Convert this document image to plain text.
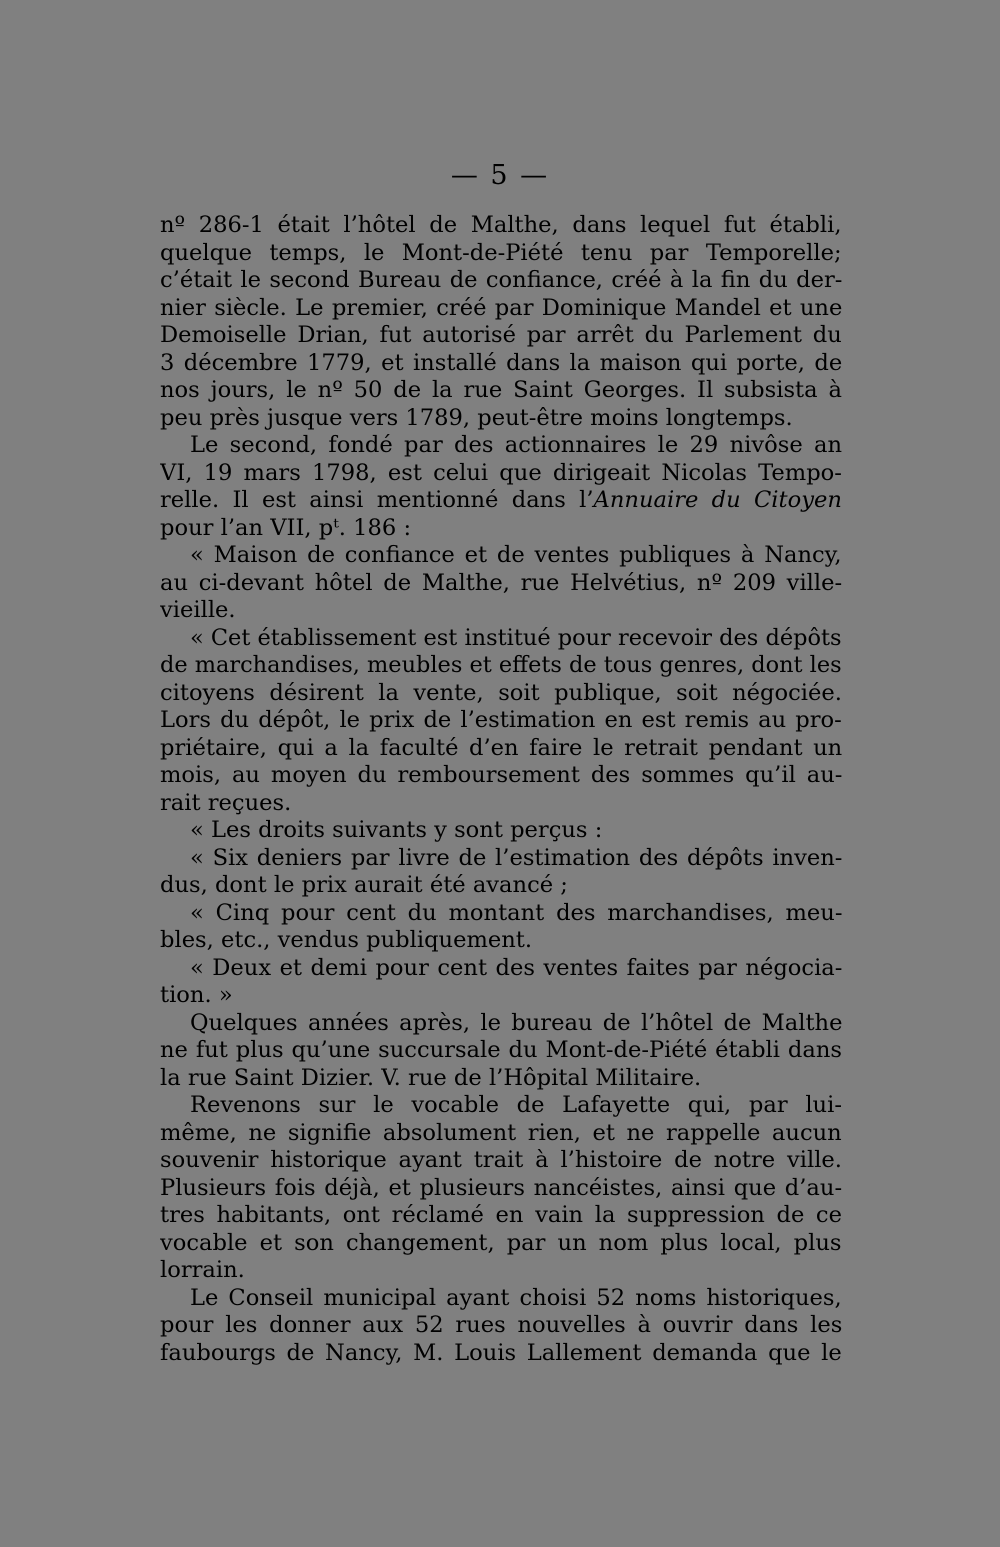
— 5 —
nº 286-1 était l’hôtel de Malthe, dans lequel fut établi,
quelque temps, le Mont-de-Piété tenu par Temporelle;
c’était le second Bureau de confiance, créé à la fin du der-
nier siècle. Le premier, créé par Dominique Mandel et une
Demoiselle Drian, fut autorisé par arrêt du Parlement du
3 décembre 1779, et installé dans la maison qui porte, de
nos jours, le nº 50 de la rue Saint Georges. Il subsista à
peu près jusque vers 1789, peut-être moins longtemps.
Le second, fondé par des actionnaires le 29 nivôse an
VI, 19 mars 1798, est celui que dirigeait Nicolas Tempo-
relle. Il est ainsi mentionné dans l’Annuaire du Citoyen
pour l’an VII, pᵗ. 186 :
« Maison de confiance et de ventes publiques à Nancy,
au ci-devant hôtel de Malthe, rue Helvétius, nº 209 ville-
vieille.
« Cet établissement est institué pour recevoir des dépôts
de marchandises, meubles et effets de tous genres, dont les
citoyens désirent la vente, soit publique, soit négociée.
Lors du dépôt, le prix de l’estimation en est remis au pro-
priétaire, qui a la faculté d’en faire le retrait pendant un
mois, au moyen du remboursement des sommes qu’il au-
rait reçues.
« Les droits suivants y sont perçus :
« Six deniers par livre de l’estimation des dépôts inven-
dus, dont le prix aurait été avancé ;
« Cinq pour cent du montant des marchandises, meu-
bles, etc., vendus publiquement.
« Deux et demi pour cent des ventes faites par négocia-
tion. »
Quelques années après, le bureau de l’hôtel de Malthe
ne fut plus qu’une succursale du Mont-de-Piété établi dans
la rue Saint Dizier. V. rue de l’Hôpital Militaire.
Revenons sur le vocable de Lafayette qui, par lui-
même, ne signifie absolument rien, et ne rappelle aucun
souvenir historique ayant trait à l’histoire de notre ville.
Plusieurs fois déjà, et plusieurs nancéistes, ainsi que d’au-
tres habitants, ont réclamé en vain la suppression de ce
vocable et son changement, par un nom plus local, plus
lorrain.
Le Conseil municipal ayant choisi 52 noms historiques,
pour les donner aux 52 rues nouvelles à ouvrir dans les
faubourgs de Nancy, M. Louis Lallement demanda que le
